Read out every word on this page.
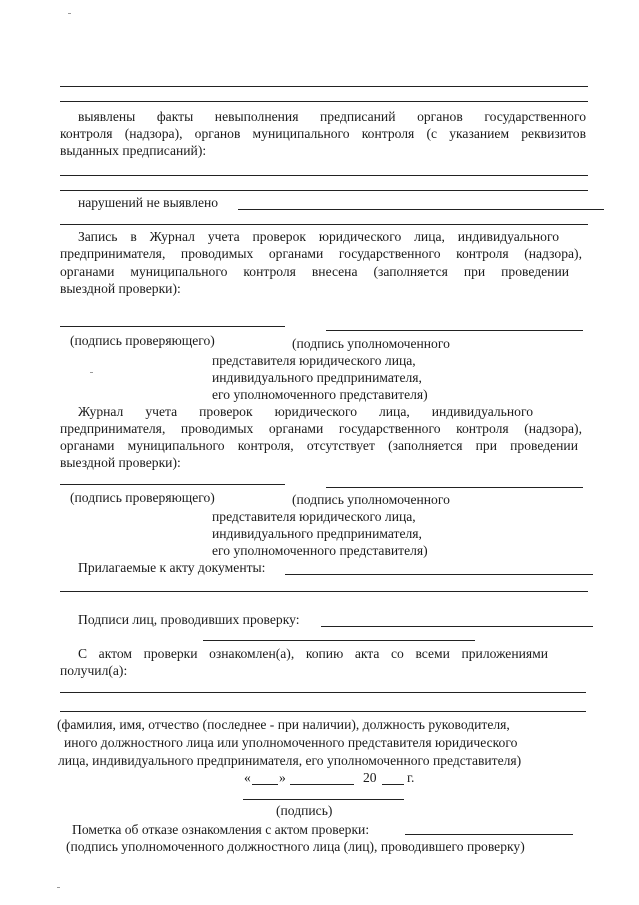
выявлены факты невыполнения предписаний органов государственного
контроля (надзора), органов муниципального контроля (с указанием реквизитов
выданных предписаний):
нарушений не выявлено
Запись в Журнал учета проверок юридического лица, индивидуального
предпринимателя, проводимых органами государственного контроля (надзора),
органами муниципального контроля внесена (заполняется при проведении
выездной проверки):
(подпись проверяющего)	(подпись уполномоченного
представителя юридического лица,
индивидуального предпринимателя,
его уполномоченного представителя)
Журнал учета проверок юридического лица, индивидуального
предпринимателя, проводимых органами государственного контроля (надзора),
органами муниципального контроля, отсутствует (заполняется при проведении
выездной проверки):
(подпись проверяющего)	(подпись уполномоченного
представителя юридического лица,
индивидуального предпринимателя,
его уполномоченного представителя)
Прилагаемые к акту документы:
Подписи лиц, проводивших проверку:
С актом проверки ознакомлен(а), копию акта со всеми приложениями
получил(а):
(фамилия, имя, отчество (последнее - при наличии), должность руководителя,
иного должностного лица или уполномоченного представителя юридического
лица, индивидуального предпринимателя, его уполномоченного представителя)
« »	20 г.
(подпись)
Пометка об отказе ознакомления с актом проверки:
(подпись уполномоченного должностного лица (лиц), проводившего проверку)
